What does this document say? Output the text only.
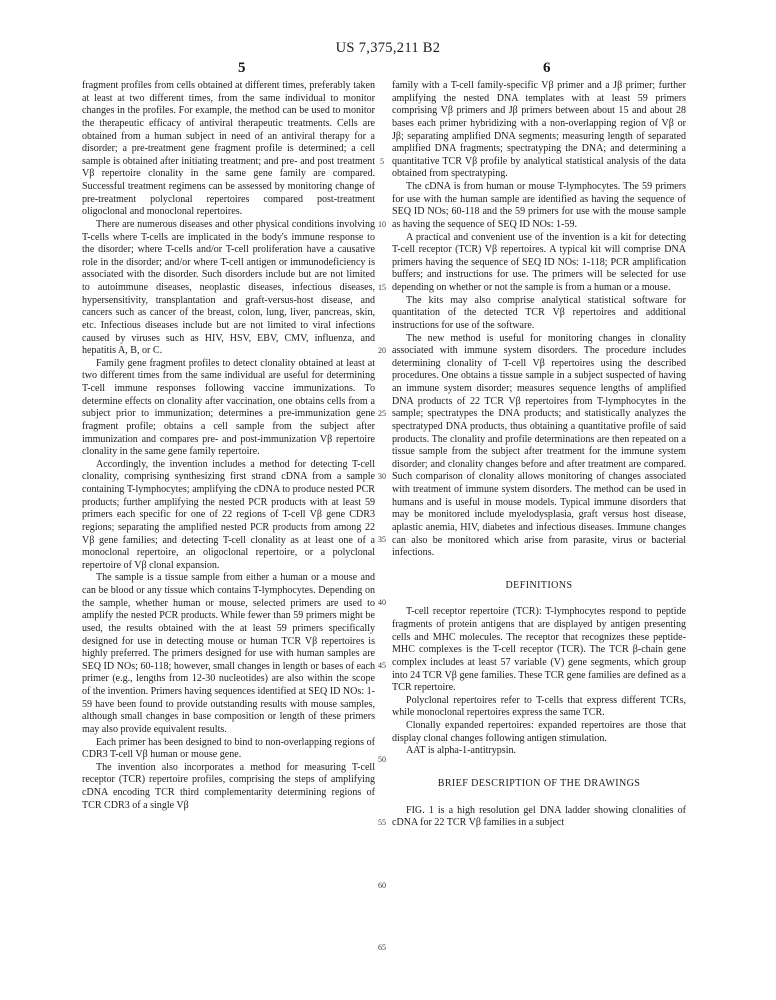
US 7,375,211 B2
5	6

fragment profiles from cells obtained at different times, preferably taken at least at two different times, from the same individual to monitor changes in the profiles. For example, the method can be used to monitor the therapeutic efficacy of antiviral therapeutic treatments. Cells are obtained from a human subject in need of an antiviral therapy for a disorder; a pre-treatment gene fragment profile is determined; a cell sample is obtained after initiating treatment; and pre- and post treatment Vβ repertoire clonality in the same gene family are compared. Successful treatment regimens can be assessed by monitoring change of pre-treatment polyclonal repertoires compared post-treatment oligoclonal and monoclonal repertoires.

There are numerous diseases and other physical conditions involving T-cells where T-cells are implicated in the body's immune response to the disorder; where T-cells and/or T-cell proliferation have a causative role in the disorder; and/or where T-cell antigen or immunodeficiency is associated with the disorder. Such disorders include but are not limited to autoimmune diseases, neoplastic diseases, infectious diseases, hypersensitivity, transplantation and graft-versus-host disease, and cancers such as cancer of the breast, colon, lung, liver, pancreas, skin, etc. Infectious diseases include but are not limited to viral infections caused by viruses such as HIV, HSV, EBV, CMV, influenza, and hepatitis A, B, or C.

Family gene fragment profiles to detect clonality obtained at least at two different times from the same individual are useful for determining T-cell immune responses following vaccine immunizations. To determine effects on clonality after vaccination, one obtains cells from a subject prior to immunization; determines a pre-immunization gene fragment profile; obtains a cell sample from the subject after immunization and compares pre- and post-immunization Vβ repertoire clonality in the same gene family repertoire.

Accordingly, the invention includes a method for detecting T-cell clonality, comprising synthesizing first strand cDNA from a sample containing T-lymphocytes; amplifying the cDNA to produce nested PCR products; further amplifying the nested PCR products with at least 59 primers each specific for one of 22 regions of T-cell Vβ gene CDR3 regions; separating the amplified nested PCR products from among 22 Vβ gene families; and detecting T-cell clonality as at least one of a monoclonal repertoire, an oligoclonal repertoire, or a polyclonal repertoire of Vβ clonal expansion.

The sample is a tissue sample from either a human or a mouse and can be blood or any tissue which contains T-lymphocytes. Depending on the sample, whether human or mouse, selected primers are used to amplify the nested PCR products. While fewer than 59 primers might be used, the results obtained with the at least 59 primers specifically designed for use in detecting mouse or human TCR Vβ repertoires is highly preferred. The primers designed for use with human samples are SEQ ID NOs; 60-118; however, small changes in length or bases of each primer (e.g., lengths from 12-30 nucleotides) are also within the scope of the invention. Primers having sequences identified at SEQ ID NOs: 1-59 have been found to provide outstanding results with mouse samples, although small changes in base composition or length of these primers may also provide equivalent results.

Each primer has been designed to bind to non-overlapping regions of CDR3 T-cell Vβ human or mouse gene.

The invention also incorporates a method for measuring T-cell receptor (TCR) repertoire profiles, comprising the steps of amplifying cDNA encoding TCR third complementarity determining regions of TCR CDR3 of a single Vβ

family with a T-cell family-specific Vβ primer and a Jβ primer; further amplifying the nested DNA templates with at least 59 primers comprising Vβ primers and Jβ primers between about 15 and about 28 bases each primer hybridizing with a non-overlapping region of Vβ or Jβ; separating amplified DNA segments; measuring length of separated amplified DNA fragments; spectratyping the DNA; and determining a quantitative TCR Vβ profile by analytical statistical analysis of the data obtained from spectratyping.

The cDNA is from human or mouse T-lymphocytes. The 59 primers for use with the human sample are identified as having the sequence of SEQ ID NOs; 60-118 and the 59 primers for use with the mouse sample as having the sequence of SEQ ID NOs: 1-59.

A practical and convenient use of the invention is a kit for detecting T-cell receptor (TCR) Vβ repertoires. A typical kit will comprise DNA primers having the sequence of SEQ ID NOs: 1-118; PCR amplification buffers; and instructions for use. The primers will be selected for use depending on whether or not the sample is from a human or a mouse.

The kits may also comprise analytical statistical software for quantitation of the detected TCR Vβ repertoires and additional instructions for use of the software.

The new method is useful for monitoring changes in clonality associated with immune system disorders. The procedure includes determining clonality of T-cell Vβ repertoires using the described procedures. One obtains a tissue sample in a subject suspected of having an immune system disorder; measures sequence lengths of amplified DNA products of 22 TCR Vβ repertoires from T-lymphocytes in the sample; spectratypes the DNA products; and statistically analyzes the spectratyped DNA products, thus obtaining a quantitative profile of said products. The clonality and profile determinations are then repeated on a tissue sample from the subject after treatment for the immune system disorder; and clonality changes before and after treatment are compared. Such comparison of clonality allows monitoring of changes associated with treatment of immune system disorders. The method can be used in humans and is useful in mouse models. Typical immune disorders that may be monitored include myelodysplasia, graft versus host disease, aplastic anemia, HIV, diabetes and infectious diseases. Immune changes can also be monitored which arise from parasite, virus or bacterial infections.

DEFINITIONS

T-cell receptor repertoire (TCR): T-lymphocytes respond to peptide fragments of protein antigens that are displayed by antigen presenting cells and MHC molecules. The receptor that recognizes these peptide-MHC complexes is the T-cell receptor (TCR). The TCR β-chain gene complex includes at least 57 variable (V) gene segments, which group into 24 TCR Vβ gene families. These TCR gene families are defined as a TCR repertoire.

Polyclonal repertoires refer to T-cells that express different TCRs, while monoclonal repertoires express the same TCR.

Clonally expanded repertoires: expanded repertoires are those that display clonal changes following antigen stimulation.

AAT is alpha-1-antitrypsin.

BRIEF DESCRIPTION OF THE DRAWINGS

FIG. 1 is a high resolution gel DNA ladder showing clonalities of cDNA for 22 TCR Vβ families in a subject

5
10
15
20
25
30
35
40
45
50
55
60
65
